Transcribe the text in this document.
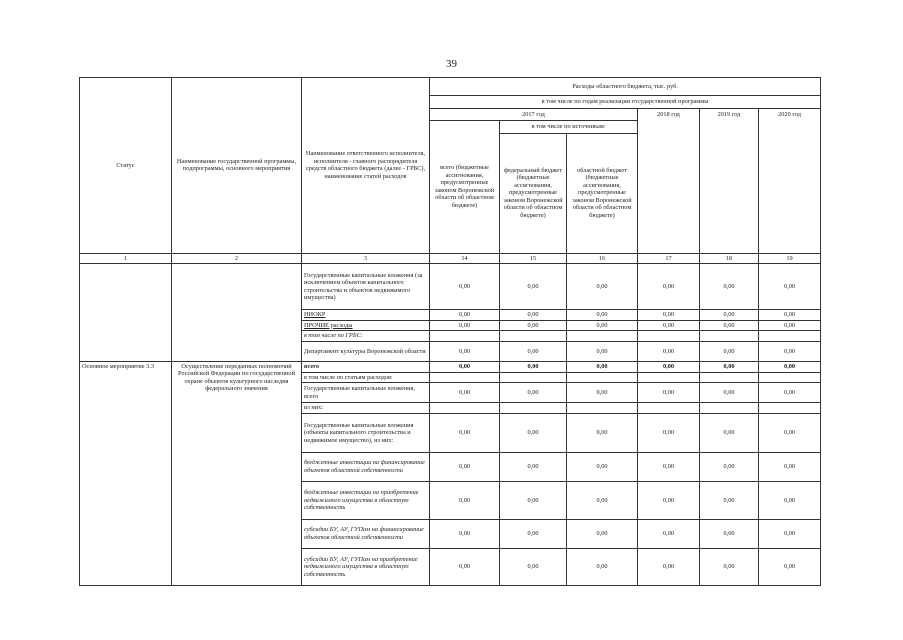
39
Статус	Наименование государственной программы, подпрограммы, основного мероприятия	Наименование ответственного исполнителя, исполнителя - главного распорядителя средств областного бюджета (далее - ГРБС), наименование статей расходов	Расходы областного бюджета, тыс. руб.					
			в том числе по годам реализации государственной программы					
			2017 год			2018 год	2019 год	2020 год
			всего (бюджетные ассигнования, предусмотренные законом Воронежской области об областном бюджете)	в том числе по источникам:				
				федеральный бюджет (бюджетные ассигнования, предусмотренные законом Воронежской области об областном бюджете)	областной бюджет (бюджетные ассигнования, предусмотренные законом Воронежской области об областном бюджете)			
1	2	3	14	15	16	17	18	19
		Государственные капитальные вложения (за исключением объектов капитального строительства и объектов недвижимого имущества)	0,00	0,00	0,00	0,00	0,00	0,00
		НИОКР	0,00	0,00	0,00	0,00	0,00	0,00
		ПРОЧИЕ расходы	0,00	0,00	0,00	0,00	0,00	0,00
		в том числе по ГРБС:						
		Департамент культуры Воронежской области	0,00	0,00	0,00	0,00	0,00	0,00
Основное мероприятие 3.3	Осуществление переданных полномочий Российской Федерации по государственной охране объектов культурного наследия федерального значения	всего	0,00	0,00	0,00	0,00	0,00	0,00
		в том числе по статьям расходов:						
		Государственные капитальные вложения, всего	0,00	0,00	0,00	0,00	0,00	0,00
		из них:						
		Государственные капитальные вложения (объекты капитального строительства и недвижимое имущество), из них:	0,00	0,00	0,00	0,00	0,00	0,00
		бюджетные инвестиции на финансирование объектов областной собственности	0,00	0,00	0,00	0,00	0,00	0,00
		бюджетные инвестиции на приобретение недвижимого имущества в областную собственность	0,00	0,00	0,00	0,00	0,00	0,00
		субсидии БУ, АУ, ГУПам на финансирование объектов областной собственности	0,00	0,00	0,00	0,00	0,00	0,00
		субсидии БУ, АУ, ГУПам на приобретение недвижимого имущества в областную собственность	0,00	0,00	0,00	0,00	0,00	0,00
